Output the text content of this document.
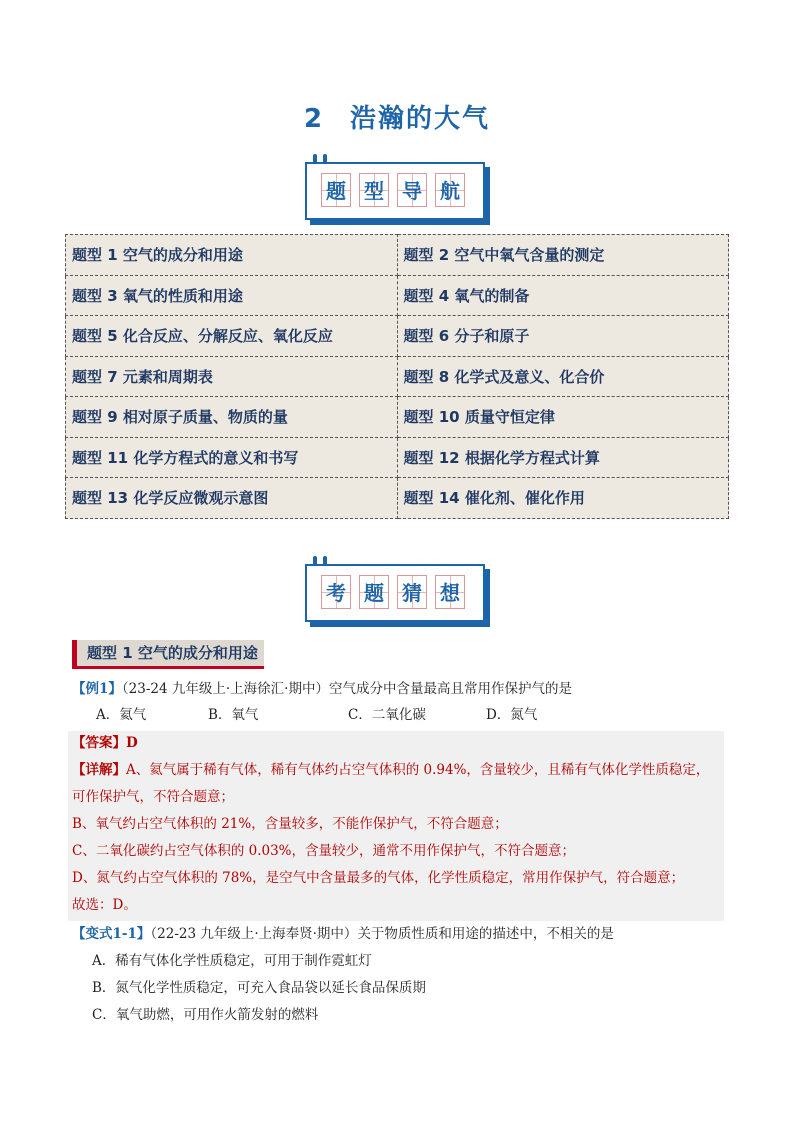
2 浩瀚的大气
题 型 导 航
题型 1 空气的成分和用途	题型 2 空气中氧气含量的测定
题型 3 氧气的性质和用途	题型 4 氧气的制备
题型 5 化合反应、分解反应、氧化反应	题型 6 分子和原子
题型 7 元素和周期表	题型 8 化学式及意义、化合价
题型 9 相对原子质量、物质的量	题型 10 质量守恒定律
题型 11 化学方程式的意义和书写	题型 12 根据化学方程式计算
题型 13 化学反应微观示意图	题型 14 催化剂、催化作用
考 题 猜 想
题型 1 空气的成分和用途
【例1】（23-24 九年级上·上海徐汇·期中）空气成分中含量最高且常用作保护气的是
A．氦气	B．氧气	C．二氧化碳	D．氮气
【答案】D
【详解】A、氦气属于稀有气体，稀有气体约占空气体积的 0.94%，含量较少，且稀有气体化学性质稳定，
可作保护气，不符合题意；
B、氧气约占空气体积的 21%，含量较多，不能作保护气，不符合题意；
C、二氧化碳约占空气体积的 0.03%，含量较少，通常不用作保护气，不符合题意；
D、氮气约占空气体积的 78%，是空气中含量最多的气体，化学性质稳定，常用作保护气，符合题意；
故选：D。
【变式1-1】（22-23 九年级上·上海奉贤·期中）关于物质性质和用途的描述中，不相关的是
A．稀有气体化学性质稳定，可用于制作霓虹灯
B．氮气化学性质稳定，可充入食品袋以延长食品保质期
C．氧气助燃，可用作火箭发射的燃料
